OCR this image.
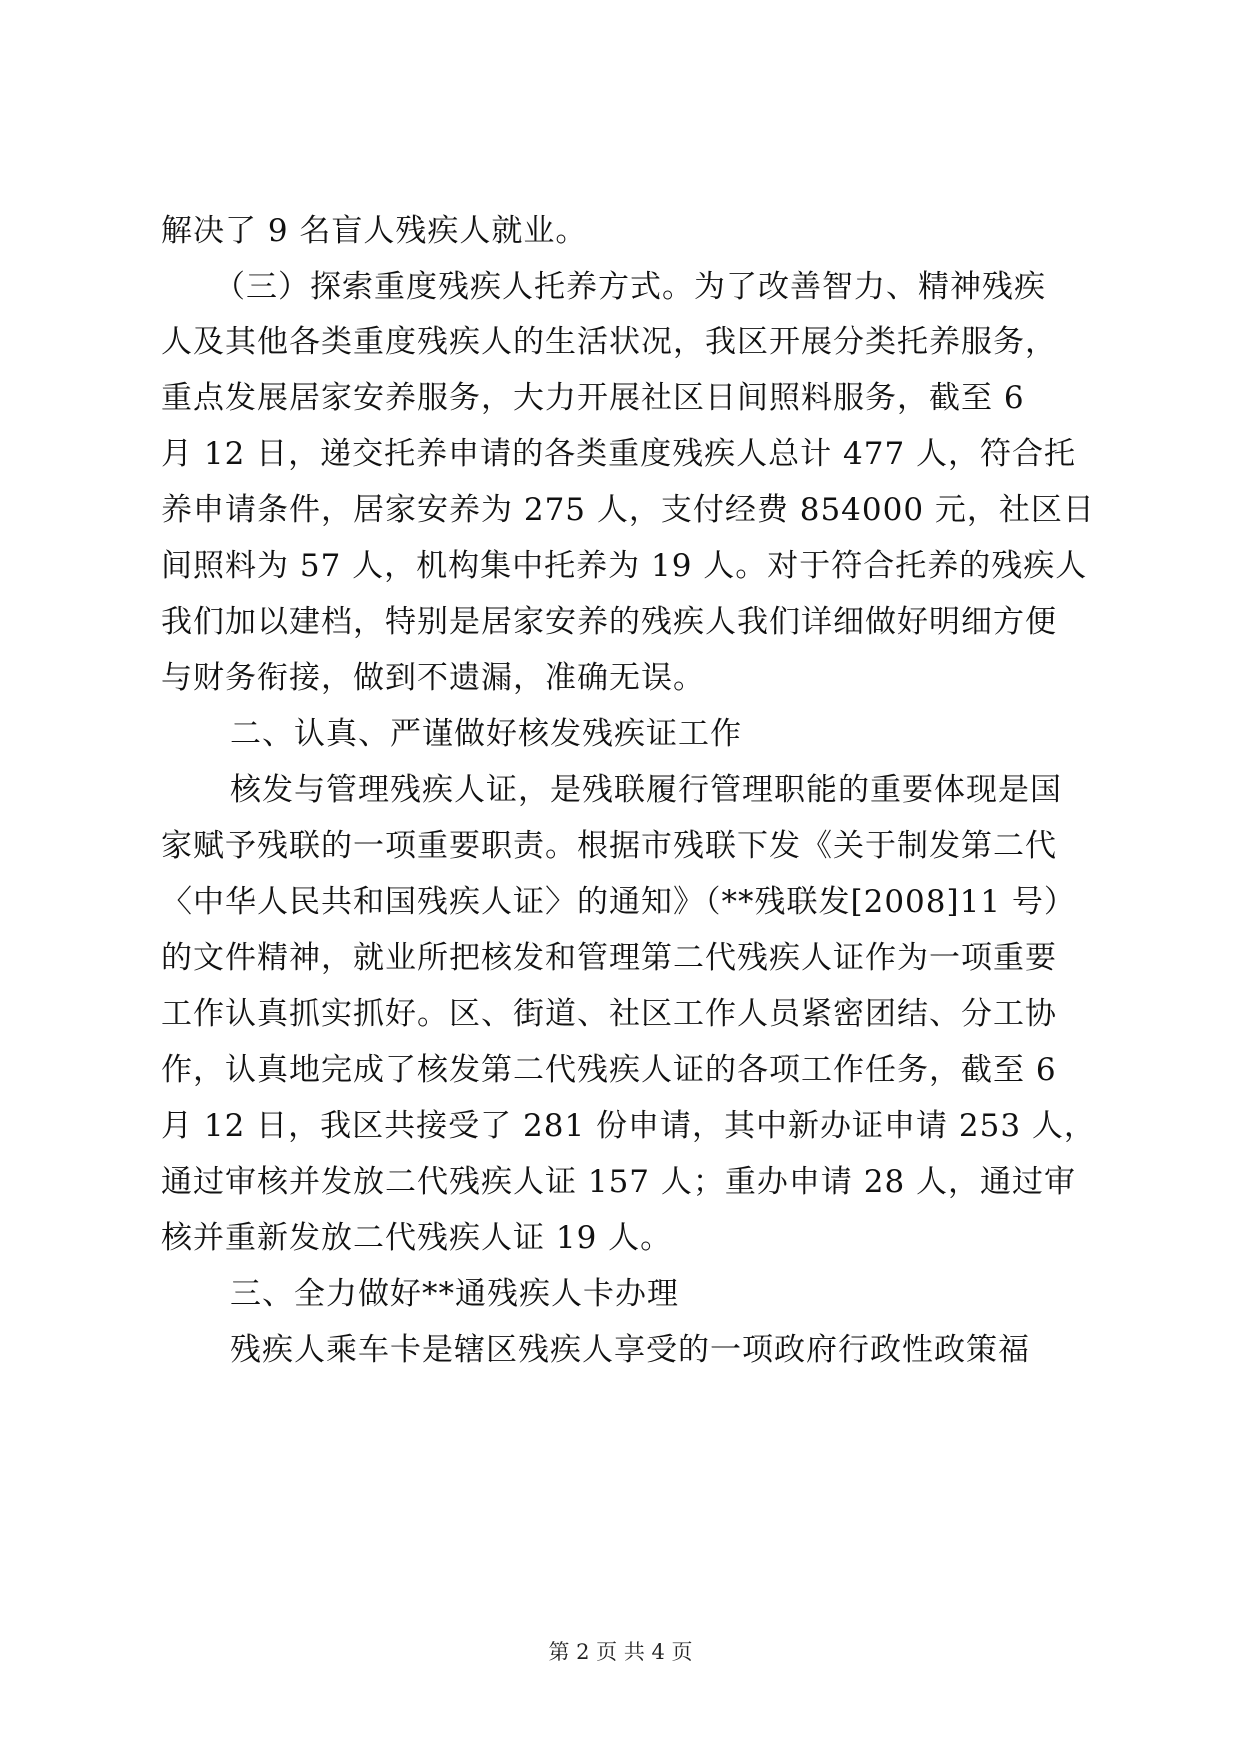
解决了 9 名盲人残疾人就业。
（三）探索重度残疾人托养方式。为了改善智力、精神残疾
人及其他各类重度残疾人的生活状况，我区开展分类托养服务，
重点发展居家安养服务，大力开展社区日间照料服务，截至 6
月 12 日，递交托养申请的各类重度残疾人总计 477 人，符合托
养申请条件，居家安养为 275 人，支付经费 854000 元，社区日
间照料为 57 人，机构集中托养为 19 人。对于符合托养的残疾人
我们加以建档，特别是居家安养的残疾人我们详细做好明细方便
与财务衔接，做到不遗漏，准确无误。
二、认真、严谨做好核发残疾证工作
核发与管理残疾人证，是残联履行管理职能的重要体现是国
家赋予残联的一项重要职责。根据市残联下发《关于制发第二代
〈中华人民共和国残疾人证〉的通知》（**残联发[2008]11 号）
的文件精神，就业所把核发和管理第二代残疾人证作为一项重要
工作认真抓实抓好。区、街道、社区工作人员紧密团结、分工协
作，认真地完成了核发第二代残疾人证的各项工作任务，截至 6
月 12 日，我区共接受了 281 份申请，其中新办证申请 253 人，
通过审核并发放二代残疾人证 157 人；重办申请 28 人，通过审
核并重新发放二代残疾人证 19 人。
三、全力做好**通残疾人卡办理
残疾人乘车卡是辖区残疾人享受的一项政府行政性政策福
第 2 页 共 4 页
